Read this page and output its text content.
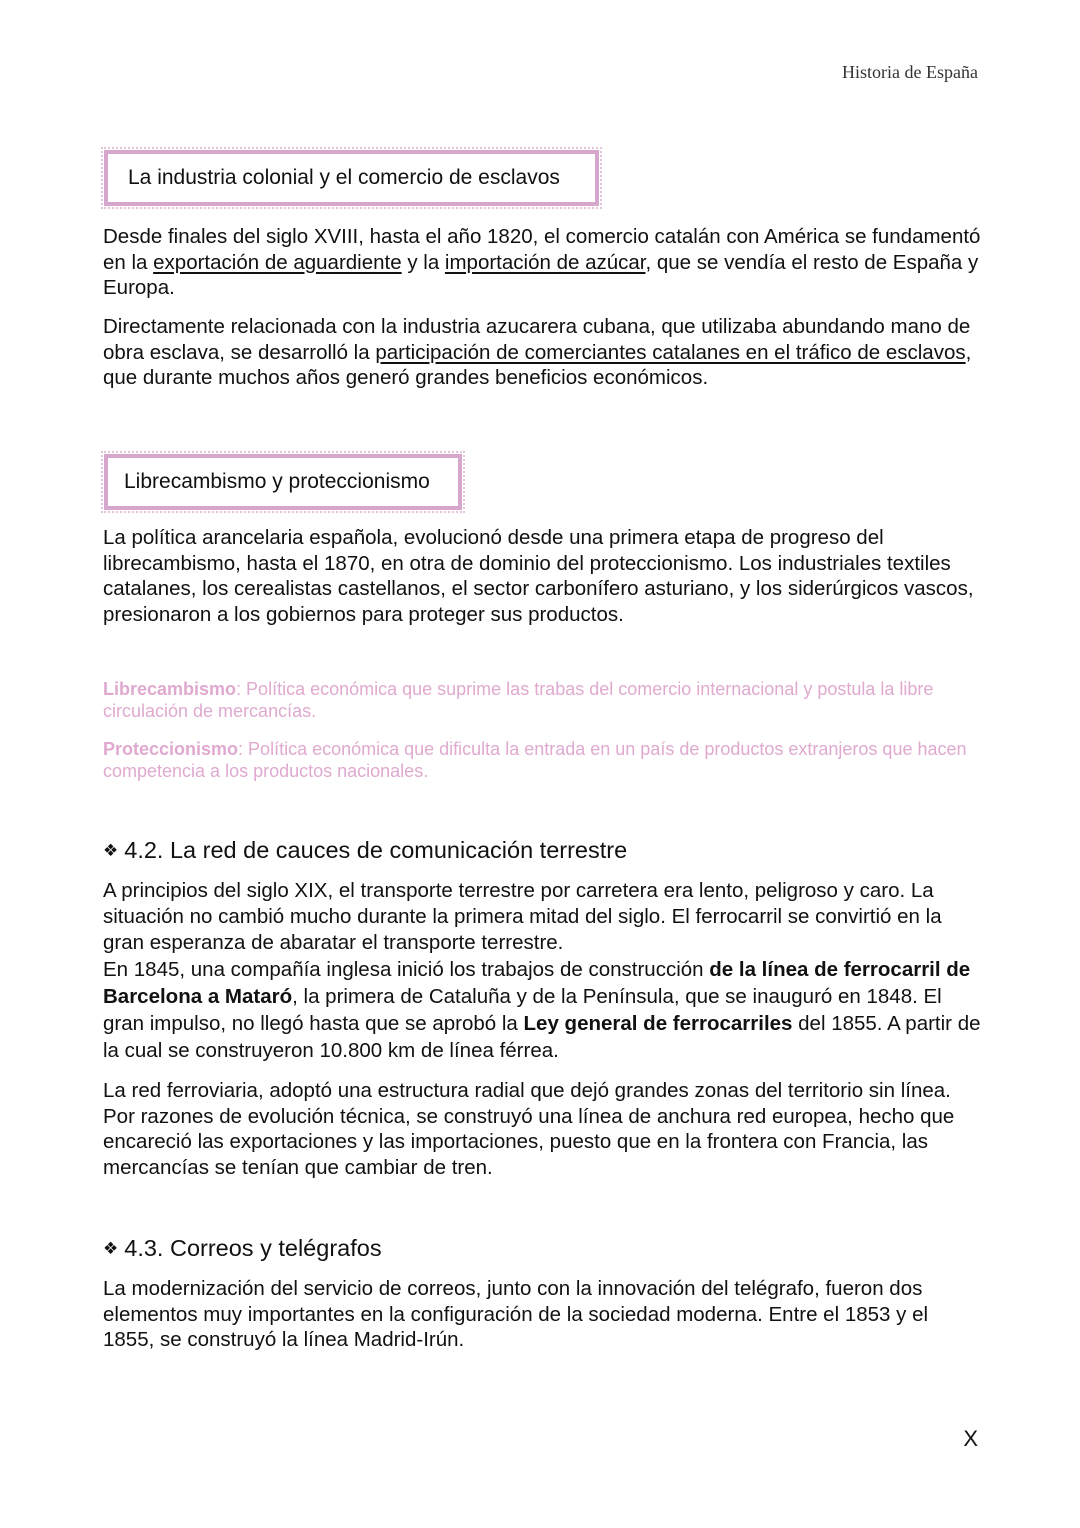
Historia de España
La industria colonial y el comercio de esclavos

Desde finales del siglo XVIII, hasta el año 1820, el comercio catalán con América se fundamentó en la exportación de aguardiente y la importación de azúcar, que se vendía el resto de España y Europa.

Directamente relacionada con la industria azucarera cubana, que utilizaba abundando mano de obra esclava, se desarrolló la participación de comerciantes catalanes en el tráfico de esclavos, que durante muchos años generó grandes beneficios económicos.

Librecambismo y proteccionismo

La política arancelaria española, evolucionó desde una primera etapa de progreso del librecambismo, hasta el 1870, en otra de dominio del proteccionismo. Los industriales textiles catalanes, los cerealistas castellanos, el sector carbonífero asturiano, y los siderúrgicos vascos, presionaron a los gobiernos para proteger sus productos.

Librecambismo: Política económica que suprime las trabas del comercio internacional y postula la libre circulación de mercancías.

Proteccionismo: Política económica que dificulta la entrada en un país de productos extranjeros que hacen competencia a los productos nacionales.

❖ 4.2. La red de cauces de comunicación terrestre

A principios del siglo XIX, el transporte terrestre por carretera era lento, peligroso y caro. La situación no cambió mucho durante la primera mitad del siglo. El ferrocarril se convirtió en la gran esperanza de abaratar el transporte terrestre.

En 1845, una compañía inglesa inició los trabajos de construcción de la línea de ferrocarril de Barcelona a Mataró, la primera de Cataluña y de la Península, que se inauguró en 1848. El gran impulso, no llegó hasta que se aprobó la Ley general de ferrocarriles del 1855. A partir de la cual se construyeron 10.800 km de línea férrea.

La red ferroviaria, adoptó una estructura radial que dejó grandes zonas del territorio sin línea. Por razones de evolución técnica, se construyó una línea de anchura red europea, hecho que encareció las exportaciones y las importaciones, puesto que en la frontera con Francia, las mercancías se tenían que cambiar de tren.

❖ 4.3. Correos y telégrafos

La modernización del servicio de correos, junto con la innovación del telégrafo, fueron dos elementos muy importantes en la configuración de la sociedad moderna. Entre el 1853 y el 1855, se construyó la línea Madrid-Irún.

X
